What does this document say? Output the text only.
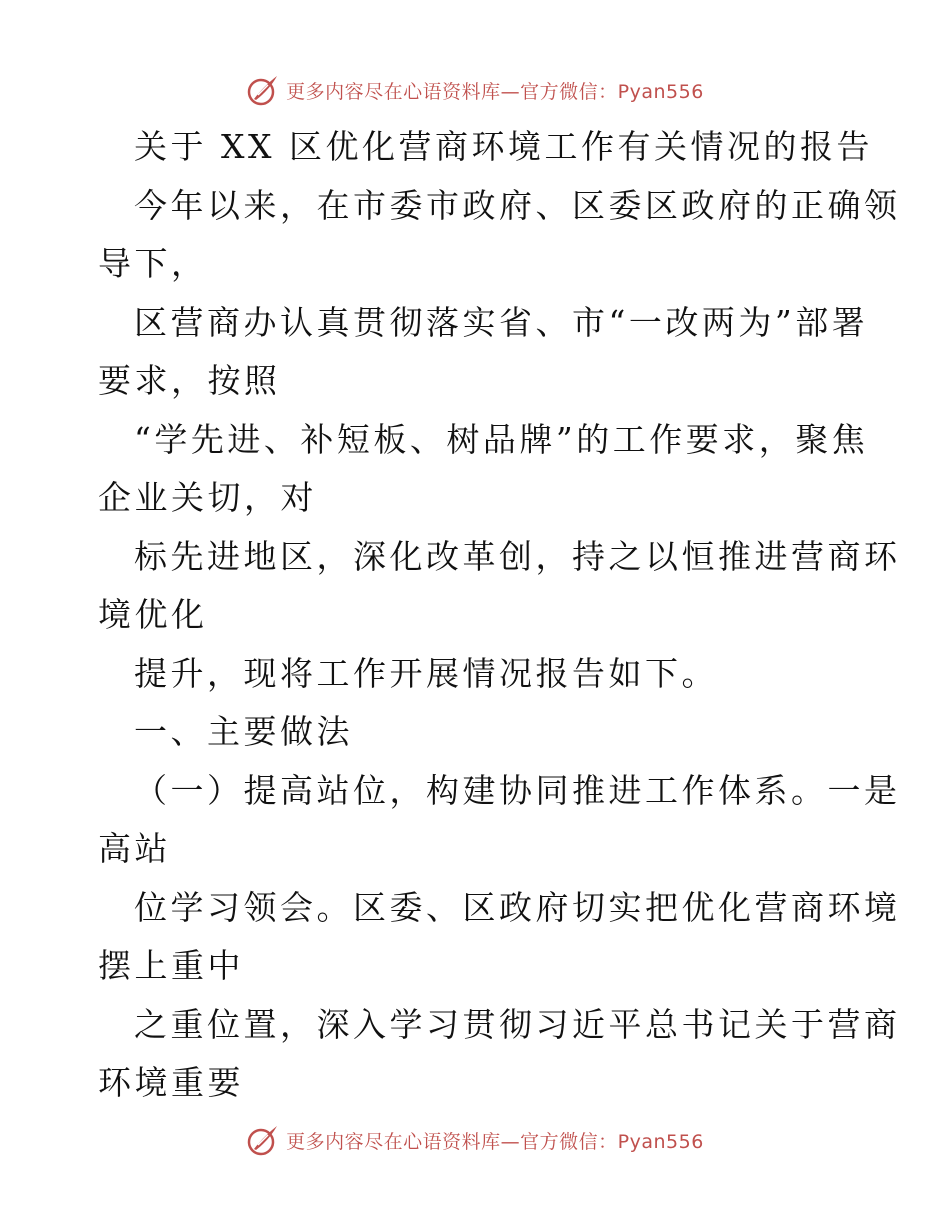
更多内容尽在心语资料库—官方微信：Pyan556
关于 XX 区优化营商环境工作有关情况的报告
今年以来，在市委市政府、区委区政府的正确领
导下，
区营商办认真贯彻落实省、市“一改两为”部署
要求，按照
“学先进、补短板、树品牌”的工作要求，聚焦
企业关切，对
标先进地区，深化改革创，持之以恒推进营商环
境优化
提升，现将工作开展情况报告如下。
一、主要做法
（一）提高站位，构建协同推进工作体系。一是
高站
位学习领会。区委、区政府切实把优化营商环境
摆上重中
之重位置，深入学习贯彻习近平总书记关于营商
环境重要
更多内容尽在心语资料库—官方微信：Pyan556
